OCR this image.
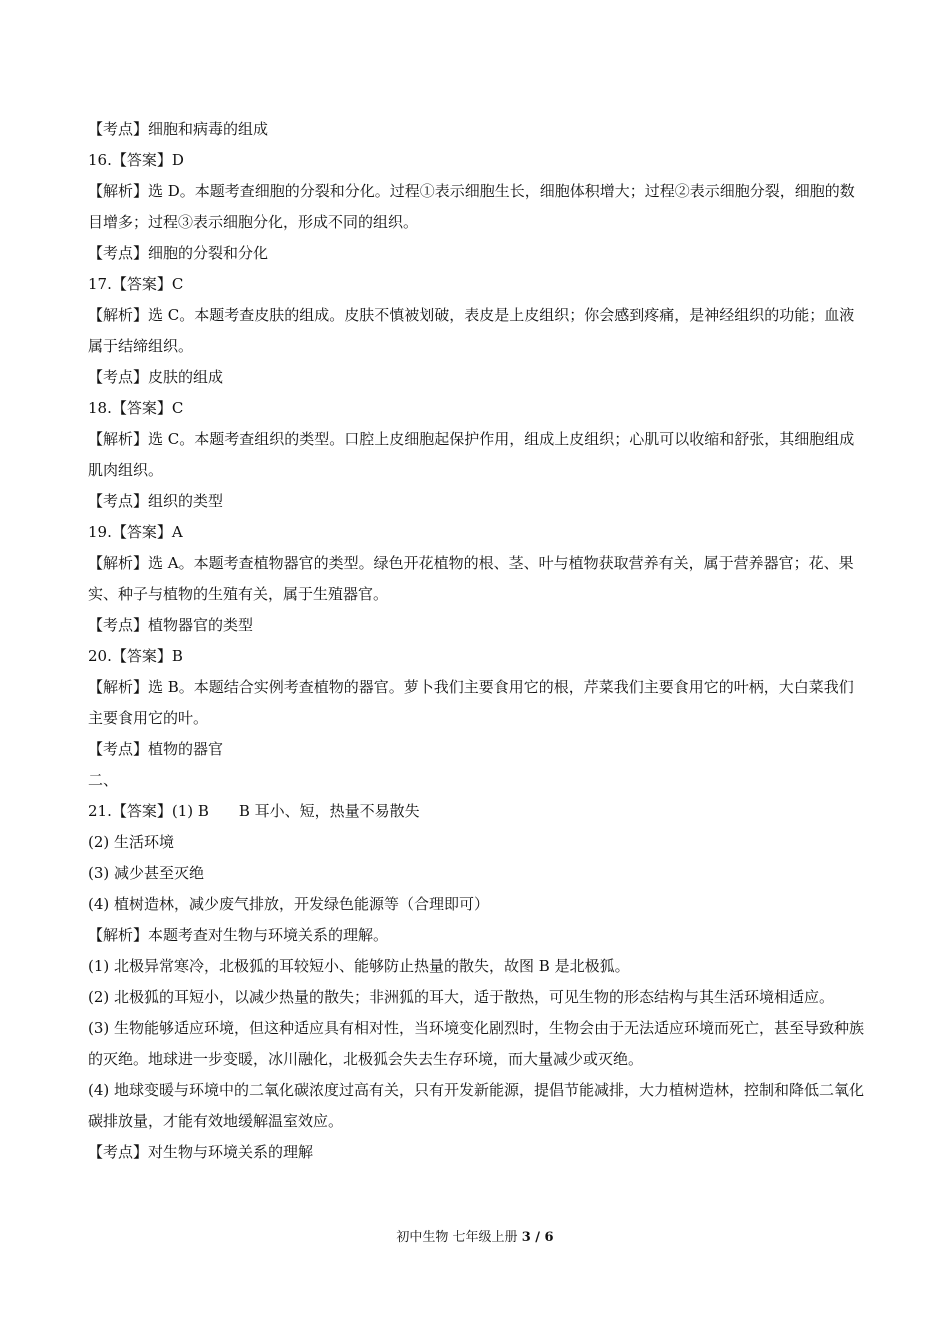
【考点】细胞和病毒的组成
16.【答案】D
【解析】选 D。本题考查细胞的分裂和分化。过程①表示细胞生长，细胞体积增大；过程②表示细胞分裂，细胞的数目增多；过程③表示细胞分化，形成不同的组织。
【考点】细胞的分裂和分化
17.【答案】C
【解析】选 C。本题考查皮肤的组成。皮肤不慎被划破，表皮是上皮组织；你会感到疼痛，是神经组织的功能；血液属于结缔组织。
【考点】皮肤的组成
18.【答案】C
【解析】选 C。本题考查组织的类型。口腔上皮细胞起保护作用，组成上皮组织；心肌可以收缩和舒张，其细胞组成肌肉组织。
【考点】组织的类型
19.【答案】A
【解析】选 A。本题考查植物器官的类型。绿色开花植物的根、茎、叶与植物获取营养有关，属于营养器官；花、果实、种子与植物的生殖有关，属于生殖器官。
【考点】植物器官的类型
20.【答案】B
【解析】选 B。本题结合实例考查植物的器官。萝卜我们主要食用它的根，芹菜我们主要食用它的叶柄，大白菜我们主要食用它的叶。
【考点】植物的器官
二、
21.【答案】(1) B　　B 耳小、短，热量不易散失
(2) 生活环境
(3) 减少甚至灭绝
(4) 植树造林，减少废气排放，开发绿色能源等（合理即可）
【解析】本题考查对生物与环境关系的理解。
(1) 北极异常寒冷，北极狐的耳较短小、能够防止热量的散失，故图 B 是北极狐。
(2) 北极狐的耳短小，以减少热量的散失；非洲狐的耳大，适于散热，可见生物的形态结构与其生活环境相适应。
(3) 生物能够适应环境，但这种适应具有相对性，当环境变化剧烈时，生物会由于无法适应环境而死亡，甚至导致种族的灭绝。地球进一步变暖，冰川融化，北极狐会失去生存环境，而大量减少或灭绝。
(4) 地球变暖与环境中的二氧化碳浓度过高有关，只有开发新能源，提倡节能减排，大力植树造林，控制和降低二氧化碳排放量，才能有效地缓解温室效应。
【考点】对生物与环境关系的理解
初中生物 七年级上册 3 / 6
